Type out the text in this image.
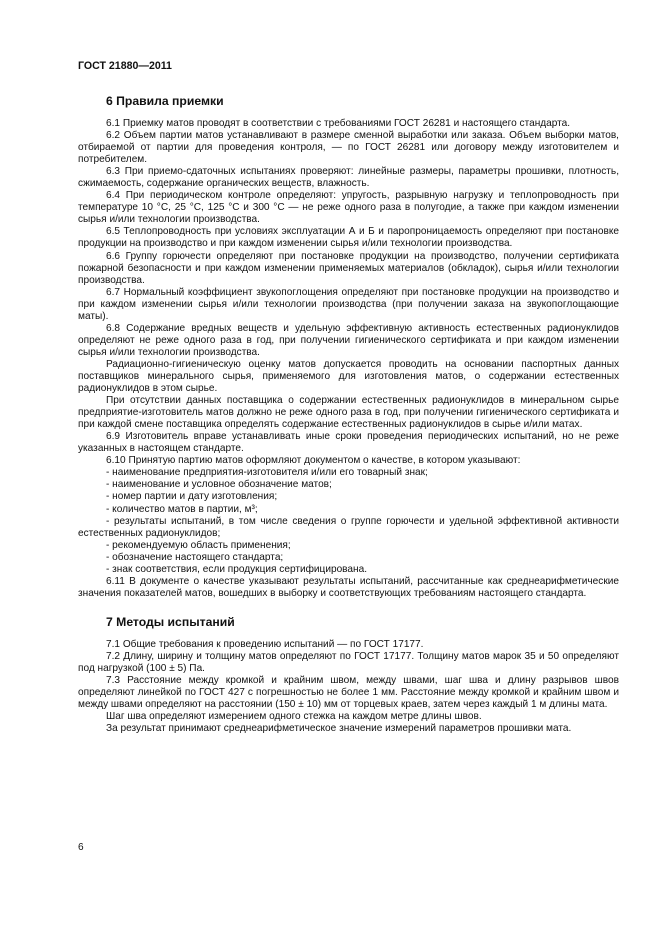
ГОСТ 21880—2011
6 Правила приемки

6.1 Приемку матов проводят в соответствии с требованиями ГОСТ 26281 и настоящего стандарта.

6.2 Объем партии матов устанавливают в размере сменной выработки или заказа. Объем выборки матов, отбираемой от партии для проведения контроля, — по ГОСТ 26281 или договору между изготовителем и потребителем.

6.3 При приемо-сдаточных испытаниях проверяют: линейные размеры, параметры прошивки, плотность, сжимаемость, содержание органических веществ, влажность.

6.4 При периодическом контроле определяют: упругость, разрывную нагрузку и теплопроводность при температуре 10 °С, 25 °С, 125 °С и 300 °С — не реже одного раза в полугодие, а также при каждом изменении сырья и/или технологии производства.

6.5 Теплопроводность при условиях эксплуатации А и Б и паропроницаемость определяют при постановке продукции на производство и при каждом изменении сырья и/или технологии производства.

6.6 Группу горючести определяют при постановке продукции на производство, получении сертификата пожарной безопасности и при каждом изменении применяемых материалов (обкладок), сырья и/или технологии производства.

6.7 Нормальный коэффициент звукопоглощения определяют при постановке продукции на производство и при каждом изменении сырья и/или технологии производства (при получении заказа на звукопоглощающие маты).

6.8 Содержание вредных веществ и удельную эффективную активность естественных радионуклидов определяют не реже одного раза в год, при получении гигиенического сертификата и при каждом изменении сырья и/или технологии производства.

Радиационно-гигиеническую оценку матов допускается проводить на основании паспортных данных поставщиков минерального сырья, применяемого для изготовления матов, о содержании естественных радионуклидов в этом сырье.

При отсутствии данных поставщика о содержании естественных радионуклидов в минеральном сырье предприятие-изготовитель матов должно не реже одного раза в год, при получении гигиенического сертификата и при каждой смене поставщика определять содержание естественных радионуклидов в сырье и/или матах.

6.9 Изготовитель вправе устанавливать иные сроки проведения периодических испытаний, но не реже указанных в настоящем стандарте.

6.10 Принятую партию матов оформляют документом о качестве, в котором указывают:

- наименование предприятия-изготовителя и/или его товарный знак;
- наименование и условное обозначение матов;
- номер партии и дату изготовления;
- количество матов в партии, м³;
- результаты испытаний, в том числе сведения о группе горючести и удельной эффективной активности естественных радионуклидов;
- рекомендуемую область применения;
- обозначение настоящего стандарта;
- знак соответствия, если продукция сертифицирована.

6.11 В документе о качестве указывают результаты испытаний, рассчитанные как среднеарифметические значения показателей матов, вошедших в выборку и соответствующих требованиям настоящего стандарта.

7 Методы испытаний

7.1 Общие требования к проведению испытаний — по ГОСТ 17177.

7.2 Длину, ширину и толщину матов определяют по ГОСТ 17177. Толщину матов марок 35 и 50 определяют под нагрузкой (100 ± 5) Па.

7.3 Расстояние между кромкой и крайним швом, между швами, шаг шва и длину разрывов швов определяют линейкой по ГОСТ 427 с погрешностью не более 1 мм. Расстояние между кромкой и крайним швом и между швами определяют на расстоянии (150 ± 10) мм от торцевых краев, затем через каждый 1 м длины мата.

Шаг шва определяют измерением одного стежка на каждом метре длины швов.

За результат принимают среднеарифметическое значение измерений параметров прошивки мата.

6
